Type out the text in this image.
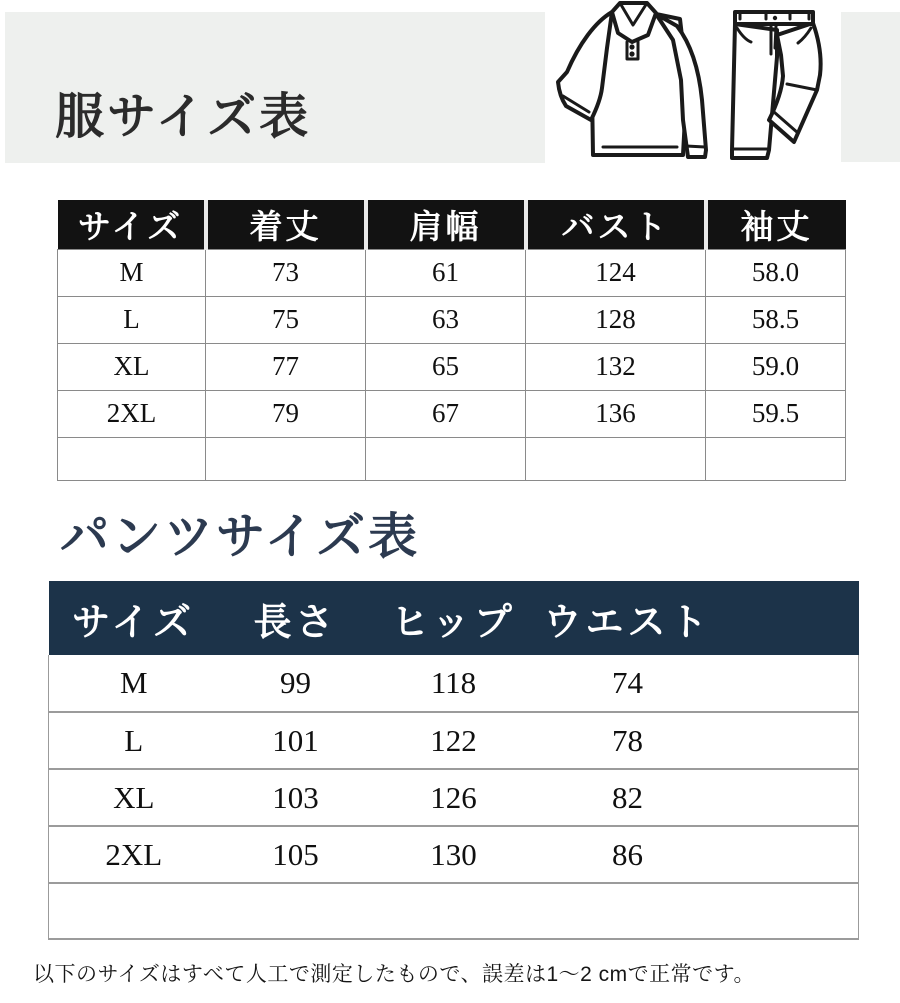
服サイズ表
サイズ	着丈	肩幅	バスト	袖丈
M	73	61	124	58.0
L	75	63	128	58.5
XL	77	65	132	59.0
2XL	79	67	136	59.5

パンツサイズ表
サイズ	長さ	ヒップ	ウエスト	
M	99	118	74	
L	101	122	78	
XL	103	126	82	
2XL	105	130	86	

以下のサイズはすべて人工で測定したもので、誤差は1～2 cmで正常です。
